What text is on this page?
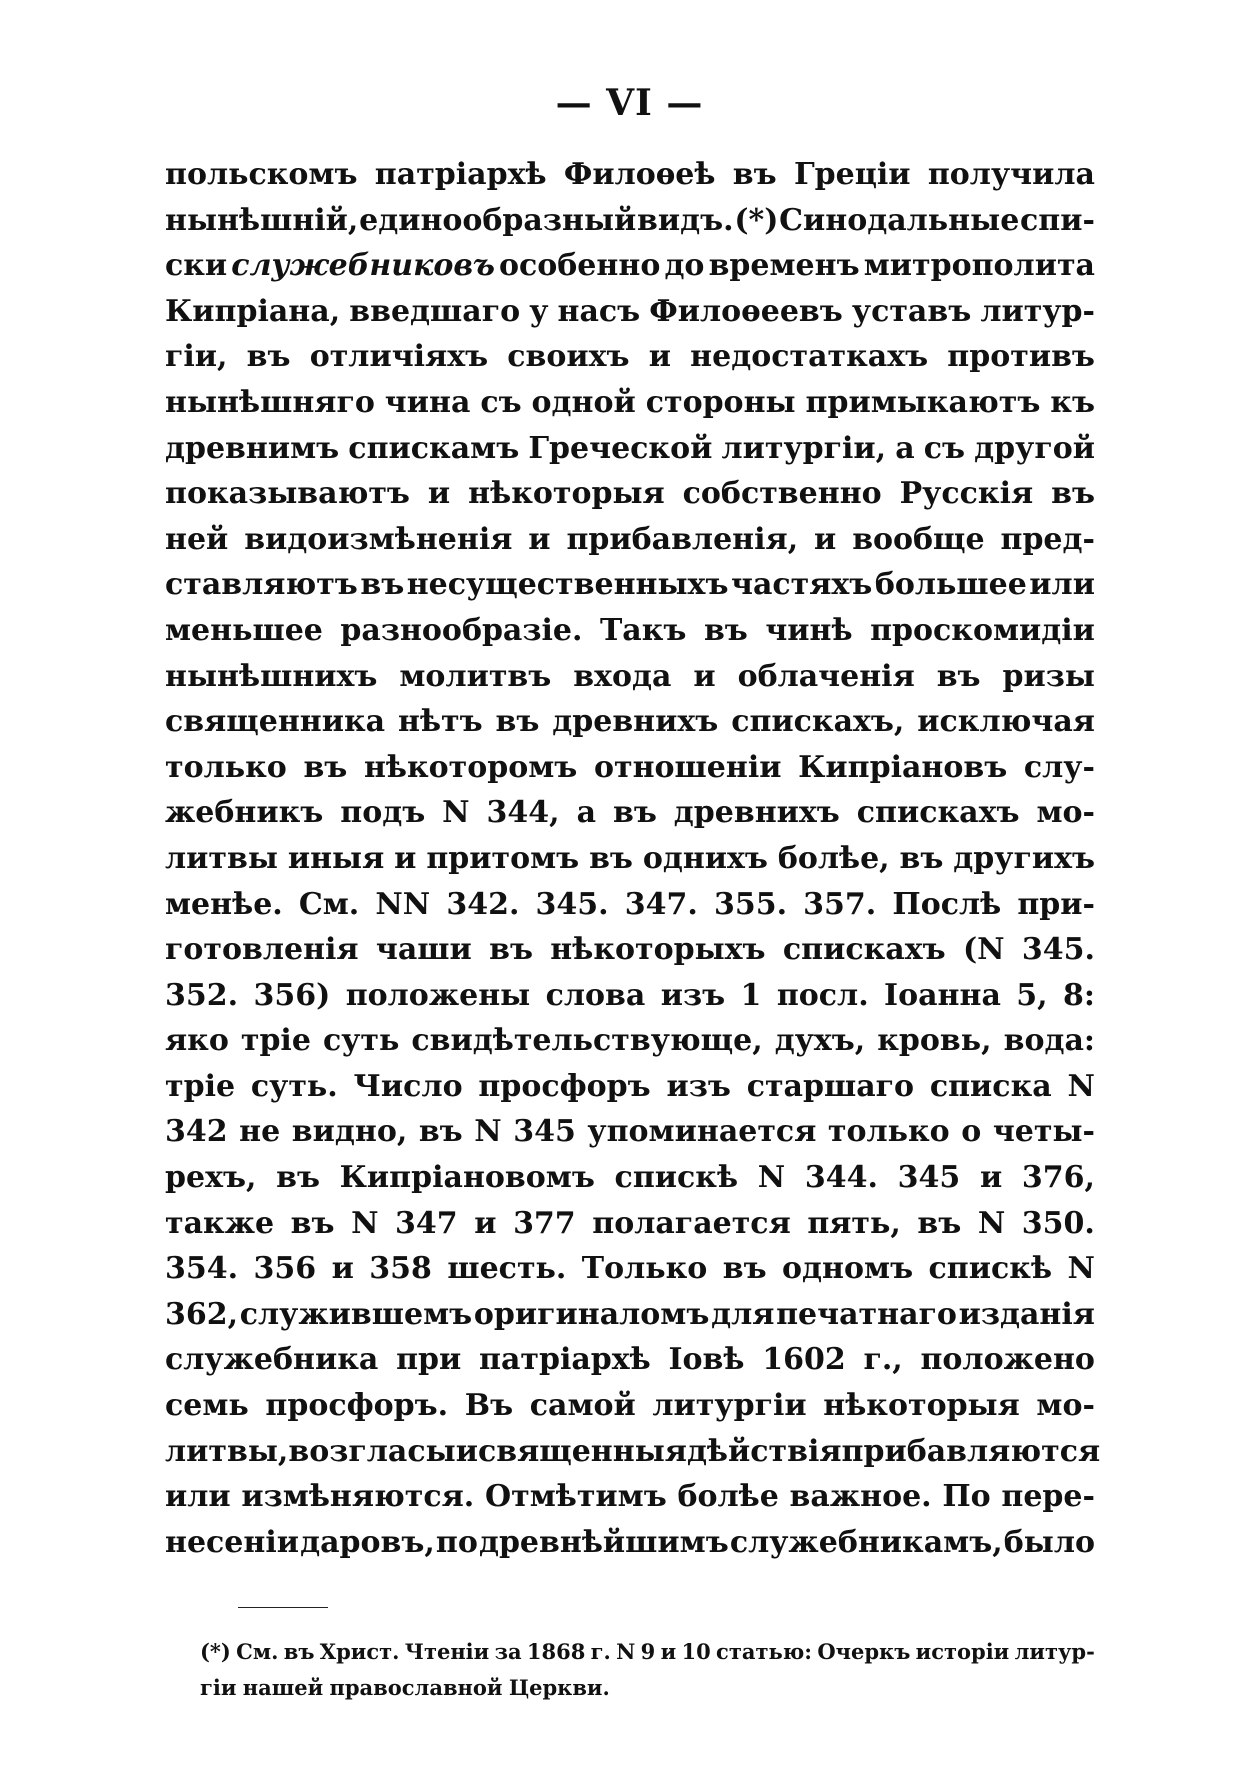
— VI —
польскомъ патріархѣ Филоѳеѣ въ Греціи получила
нынѣшній, единообразный видъ. (*) Синодальные спи-
ски служебниковъ особенно до временъ митрополита
Кипріана, введшаго у насъ Филоѳеевъ уставъ литур-
гіи, въ отличіяхъ своихъ и недостаткахъ противъ
нынѣшняго чина съ одной стороны примыкаютъ къ
древнимъ спискамъ Греческой литургіи, а съ другой
показываютъ и нѣкоторыя собственно Русскія въ
ней видоизмѣненія и прибавленія, и вообще пред-
ставляютъ въ несущественныхъ частяхъ большее или
меньшее разнообразіе. Такъ въ чинѣ проскомидіи
нынѣшнихъ молитвъ входа и облаченія въ ризы
священника нѣтъ въ древнихъ спискахъ, исключая
только въ нѣкоторомъ отношеніи Кипріановъ слу-
жебникъ подъ N 344, а въ древнихъ спискахъ мо-
литвы иныя и притомъ въ однихъ болѣе, въ другихъ
менѣе. См. NN 342. 345. 347. 355. 357. Послѣ при-
готовленія чаши въ нѣкоторыхъ спискахъ (N 345.
352. 356) положены слова изъ 1 посл. Іоанна 5, 8:
яко тріе суть свидѣтельствующе, духъ, кровь, вода:
тріе суть. Число просфоръ изъ старшаго списка N
342 не видно, въ N 345 упоминается только о четы-
рехъ, въ Кипріановомъ спискѣ N 344. 345 и 376,
также въ N 347 и 377 полагается пять, въ N 350.
354. 356 и 358 шесть. Только въ одномъ спискѣ N
362, служившемъ оригиналомъ для печатнаго изданія
служебника при патріархѣ Іовѣ 1602 г., положено
семь просфоръ. Въ самой литургіи нѣкоторыя мо-
литвы, возгласы и священныя дѣйствія прибавляются
или измѣняются. Отмѣтимъ болѣе важное. По пере-
несеніи даровъ, по древнѣйшимъ служебникамъ, было
(*) См. въ Христ. Чтеніи за 1868 г. N 9 и 10 статью: Очеркъ исторіи литур-
гіи нашей православной Церкви.
